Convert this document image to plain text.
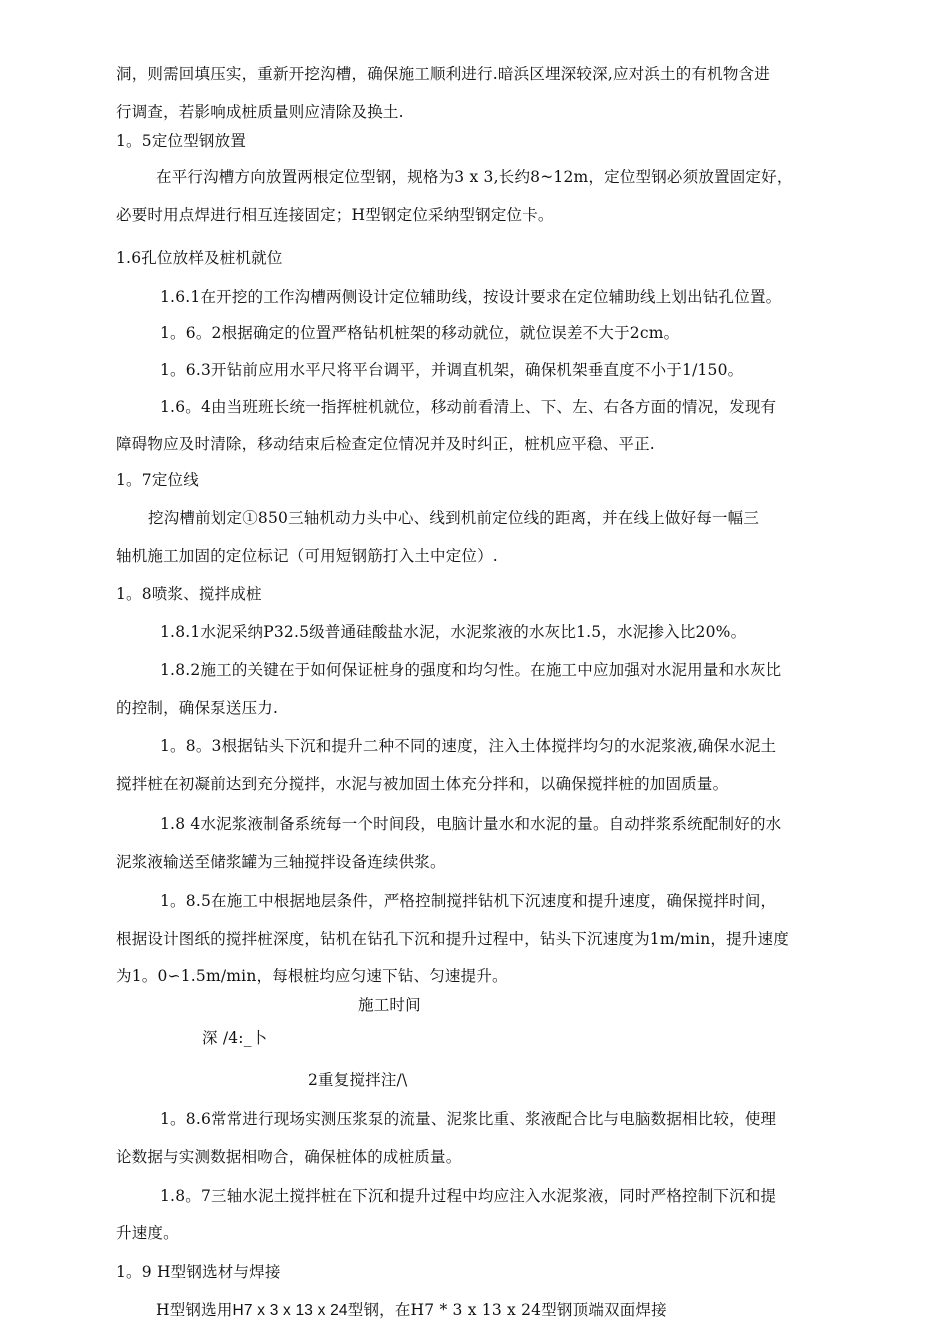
洞，则需回填压实，重新开挖沟槽，确保施工顺利进行.暗浜区埋深较深,应对浜土的有机物含进
行调查，若影响成桩质量则应清除及换土.
1。5定位型钢放置
在平行沟槽方向放置两根定位型钢，规格为3 x 3,长约8~12m，定位型钢必须放置固定好，
必要时用点焊进行相互连接固定；H型钢定位采纳型钢定位卡。
1.6孔位放样及桩机就位
1.6.1在开挖的工作沟槽两侧设计定位辅助线，按设计要求在定位辅助线上划出钻孔位置。
1。6。2根据确定的位置严格钻机桩架的移动就位，就位误差不大于2cm。
1。6.3开钻前应用水平尺将平台调平，并调直机架，确保机架垂直度不小于1/150。
1.6。4由当班班长统一指挥桩机就位，移动前看清上、下、左、右各方面的情况，发现有
障碍物应及时清除，移动结束后检查定位情况并及时纠正，桩机应平稳、平正.
1。7定位线
挖沟槽前划定①850三轴机动力头中心、线到机前定位线的距离，并在线上做好每一幅三
轴机施工加固的定位标记（可用短钢筋打入土中定位）.
1。8喷浆、搅拌成桩
1.8.1水泥采纳P32.5级普通硅酸盐水泥，水泥浆液的水灰比1.5，水泥掺入比20%。
1.8.2施工的关键在于如何保证桩身的强度和均匀性。在施工中应加强对水泥用量和水灰比
的控制，确保泵送压力.
1。8。3根据钻头下沉和提升二种不同的速度，注入土体搅拌均匀的水泥浆液,确保水泥土
搅拌桩在初凝前达到充分搅拌，水泥与被加固土体充分拌和，以确保搅拌桩的加固质量。
1.8 4水泥浆液制备系统每一个时间段，电脑计量水和水泥的量。自动拌浆系统配制好的水
泥浆液输送至储浆罐为三轴搅拌设备连续供浆。
1。8.5在施工中根据地层条件，严格控制搅拌钻机下沉速度和提升速度，确保搅拌时间，
根据设计图纸的搅拌桩深度，钻机在钻孔下沉和提升过程中，钻头下沉速度为1m/min，提升速度
为1。0∽1.5m/min，每根桩均应匀速下钻、匀速提升。
施工时间
深 /4:_卜
2重复搅拌注/\
1。8.6常常进行现场实测压浆泵的流量、泥浆比重、浆液配合比与电脑数据相比较，使理
论数据与实测数据相吻合，确保桩体的成桩质量。
1.8。7三轴水泥土搅拌桩在下沉和提升过程中均应注入水泥浆液，同时严格控制下沉和提
升速度。
1。9 H型钢选材与焊接
H型钢选用H7 x 3 x 13 x 24型钢，在H7 * 3 x 13 x 24型钢顶端双面焊接
